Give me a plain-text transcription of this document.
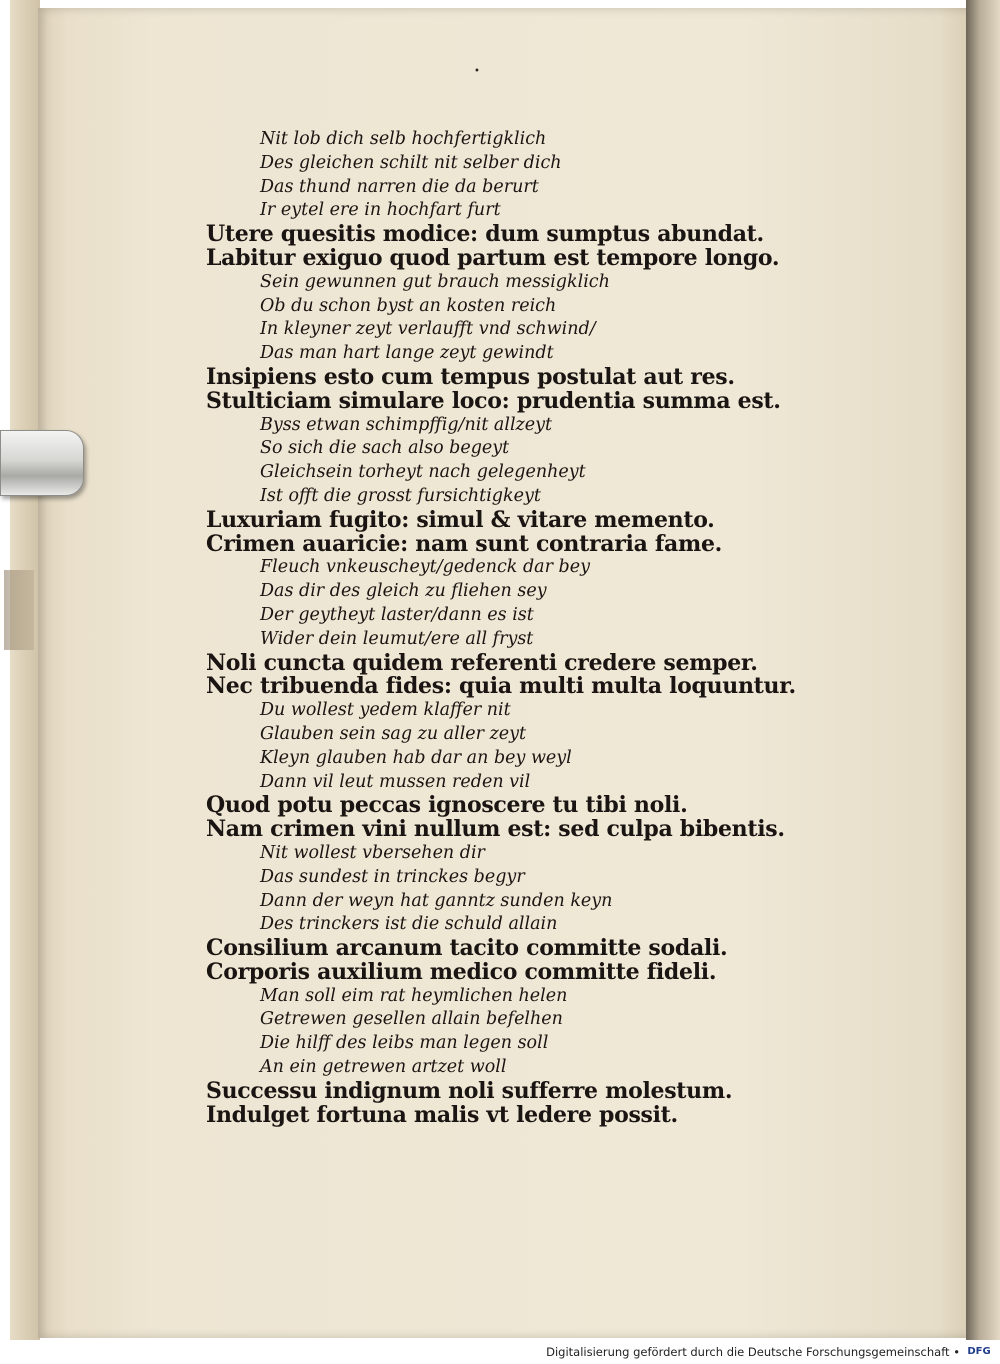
•
Nit lob dich selb hochfertigklich
Des gleichen schilt nit selber dich
Das thund narren die da berurt
Ir eytel ere in hochfart furt
Utere quesitis modice: dum sumptus abundat.
Labitur exiguo quod partum est tempore longo.
Sein gewunnen gut brauch messigklich
Ob du schon byst an kosten reich
In kleyner zeyt verlaufft vnd schwind/
Das man hart lange zeyt gewindt
Insipiens esto cum tempus postulat aut res.
Stulticiam simulare loco: prudentia summa est.
Byss etwan schimpffig/nit allzeyt
So sich die sach also begeyt
Gleichsein torheyt nach gelegenheyt
Ist offt die grosst fursichtigkeyt
Luxuriam fugito: simul & vitare memento.
Crimen auaricie: nam sunt contraria fame.
Fleuch vnkeuscheyt/gedenck dar bey
Das dir des gleich zu fliehen sey
Der geytheyt laster/dann es ist
Wider dein leumut/ere all fryst
Noli cuncta quidem referenti credere semper.
Nec tribuenda fides: quia multi multa loquuntur.
Du wollest yedem klaffer nit
Glauben sein sag zu aller zeyt
Kleyn glauben hab dar an bey weyl
Dann vil leut mussen reden vil
Quod potu peccas ignoscere tu tibi noli.
Nam crimen vini nullum est: sed culpa bibentis.
Nit wollest vbersehen dir
Das sundest in trinckes begyr
Dann der weyn hat ganntz sunden keyn
Des trinckers ist die schuld allain
Consilium arcanum tacito committe sodali.
Corporis auxilium medico committe fideli.
Man soll eim rat heymlichen helen
Getrewen gesellen allain befelhen
Die hilff des leibs man legen soll
An ein getrewen artzet woll
Successu indignum noli sufferre molestum.
Indulget fortuna malis vt ledere possit.
Digitalisierung gefördert durch die Deutsche Forschungsgemeinschaft • DFG
